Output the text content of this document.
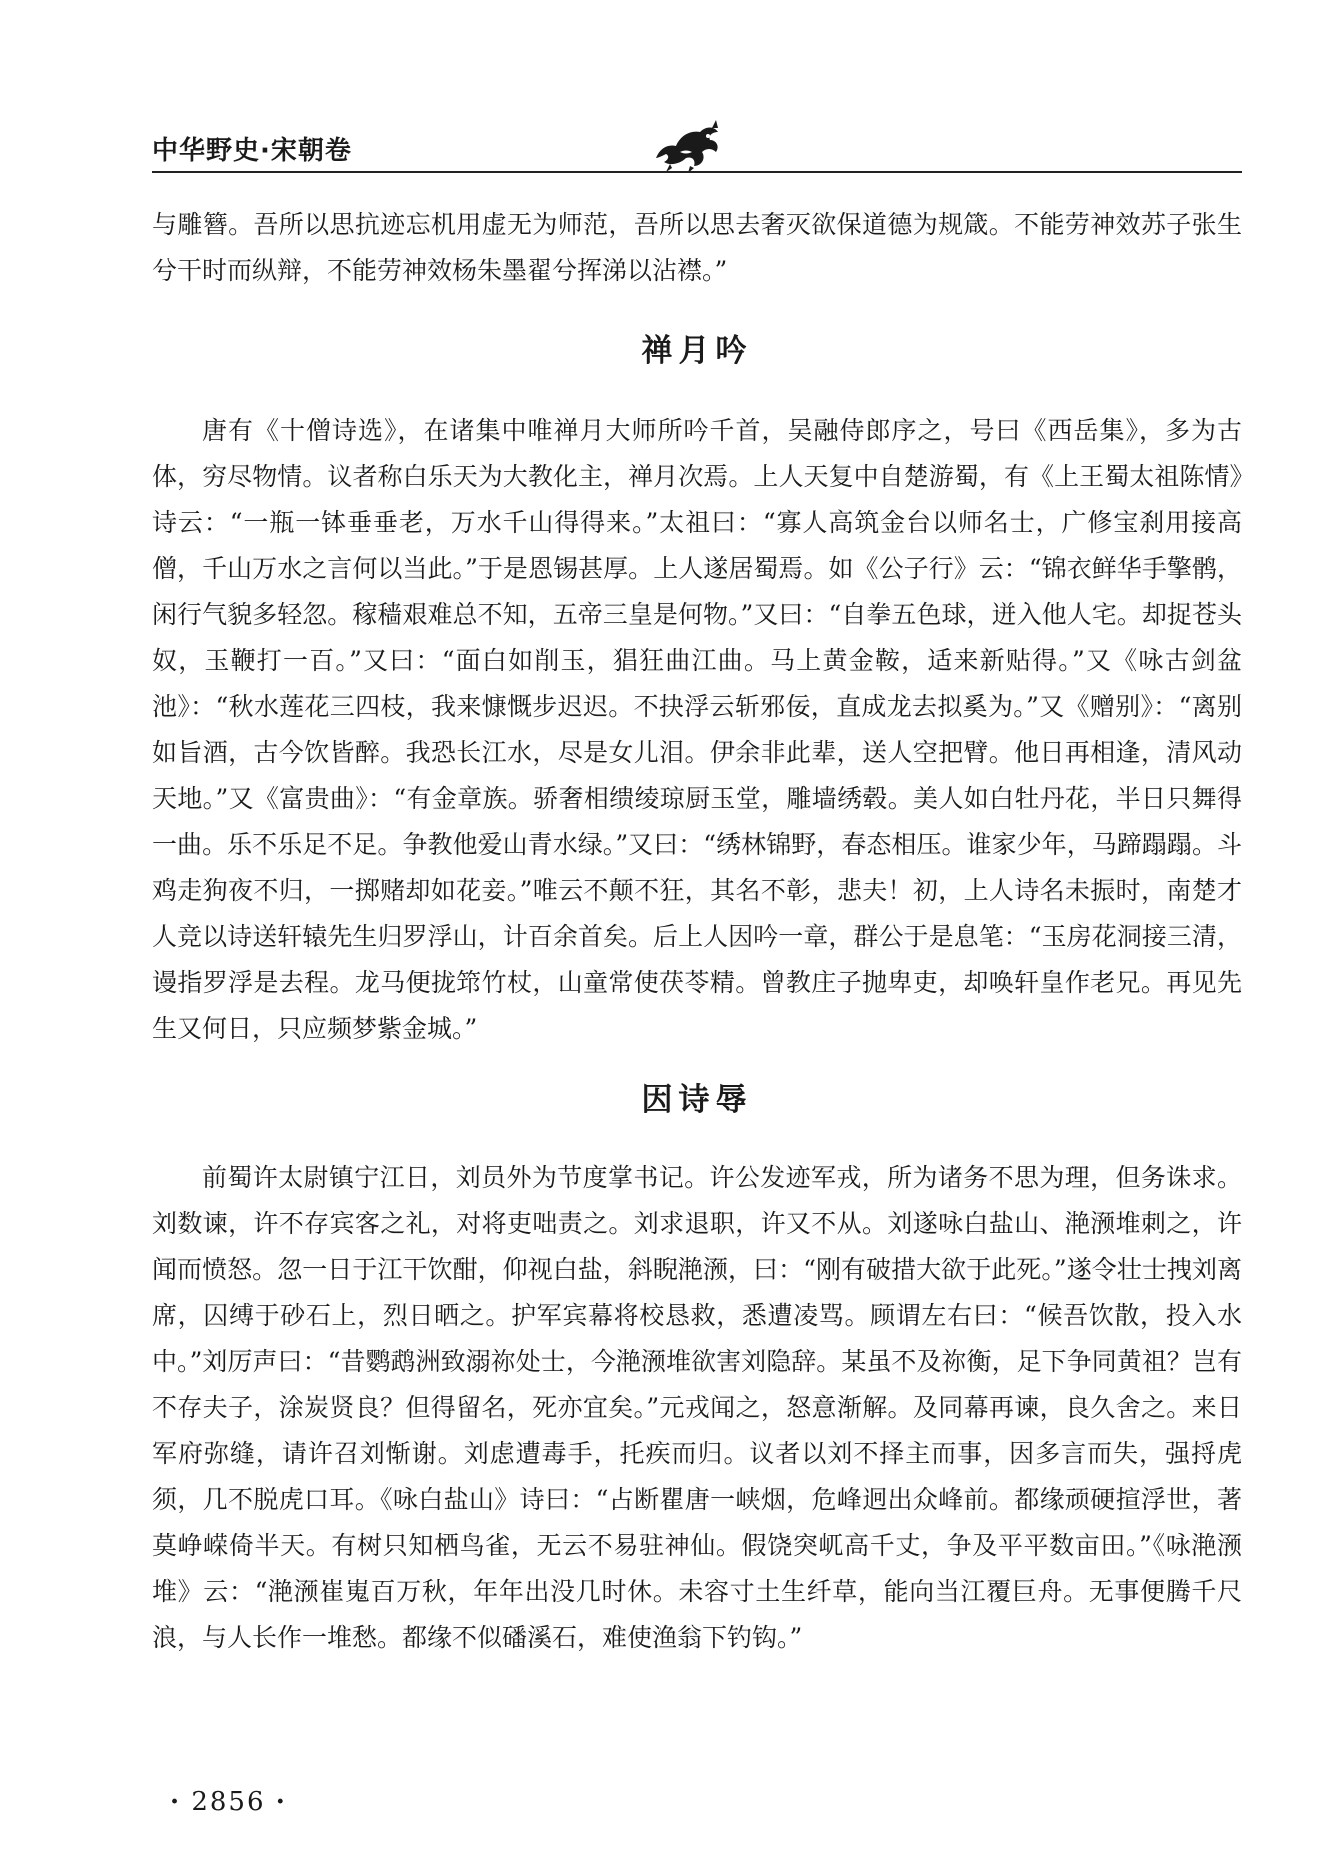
中华野史·宋朝卷

与雕簪。吾所以思抗迹忘机用虚无为师范，吾所以思去奢灭欲保道德为规箴。不能劳神效苏子张生兮干时而纵辩，不能劳神效杨朱墨翟兮挥涕以沾襟。”

禅月吟

唐有《十僧诗选》，在诸集中唯禅月大师所吟千首，吴融侍郎序之，号曰《西岳集》，多为古体，穷尽物情。议者称白乐天为大教化主，禅月次焉。上人天复中自楚游蜀，有《上王蜀太祖陈情》诗云：“一瓶一钵垂垂老，万水千山得得来。”太祖曰：“寡人高筑金台以师名士，广修宝刹用接高僧，千山万水之言何以当此。”于是恩锡甚厚。上人遂居蜀焉。如《公子行》云：“锦衣鲜华手擎鹘，闲行气貌多轻忽。稼穑艰难总不知，五帝三皇是何物。”又曰：“自拳五色球，迸入他人宅。却捉苍头奴，玉鞭打一百。”又曰：“面白如削玉，猖狂曲江曲。马上黄金鞍，适来新贴得。”又《咏古剑盆池》：“秋水莲花三四枝，我来慷慨步迟迟。不抉浮云斩邪佞，直成龙去拟奚为。”又《赠别》：“离别如旨酒，古今饮皆醉。我恐长江水，尽是女儿泪。伊余非此辈，送人空把臂。他日再相逢，清风动天地。”又《富贵曲》：“有金章族。骄奢相缋绫琼厨玉堂，雕墙绣毂。美人如白牡丹花，半日只舞得一曲。乐不乐足不足。争教他爱山青水绿。”又曰：“绣林锦野，春态相压。谁家少年，马蹄蹋蹋。斗鸡走狗夜不归，一掷赌却如花妾。”唯云不颠不狂，其名不彰，悲夫！初，上人诗名未振时，南楚才人竞以诗送轩辕先生归罗浮山，计百余首矣。后上人因吟一章，群公于是息笔：“玉房花洞接三清，谩指罗浮是去程。龙马便拢筇竹杖，山童常使茯苓精。曾教庄子抛卑吏，却唤轩皇作老兄。再见先生又何日，只应频梦紫金城。”

因诗辱

前蜀许太尉镇宁江日，刘员外为节度掌书记。许公发迹军戎，所为诸务不思为理，但务诛求。刘数谏，许不存宾客之礼，对将吏咄责之。刘求退职，许又不从。刘遂咏白盐山、滟滪堆刺之，许闻而愤怒。忽一日于江干饮酣，仰视白盐，斜睨滟滪，曰：“刚有破措大欲于此死。”遂令壮士拽刘离席，囚缚于砂石上，烈日晒之。护军宾幕将校恳救，悉遭凌骂。顾谓左右曰：“候吾饮散，投入水中。”刘厉声曰：“昔鹦鹉洲致溺祢处士，今滟滪堆欲害刘隐辞。某虽不及祢衡，足下争同黄祖？岂有不存夫子，涂炭贤良？但得留名，死亦宜矣。”元戎闻之，怒意渐解。及同幕再谏，良久舍之。来日军府弥缝，请许召刘惭谢。刘虑遭毒手，托疾而归。议者以刘不择主而事，因多言而失，强捋虎须，几不脱虎口耳。《咏白盐山》诗曰：“占断瞿唐一峡烟，危峰迥出众峰前。都缘顽硬揎浮世，著莫峥嵘倚半天。有树只知栖鸟雀，无云不易驻神仙。假饶突屼高千丈，争及平平数亩田。”《咏滟滪堆》云：“滟滪崔嵬百万秋，年年出没几时休。未容寸土生纤草，能向当江覆巨舟。无事便腾千尺浪，与人长作一堆愁。都缘不似磻溪石，难使渔翁下钓钩。”

· 2856 ·
